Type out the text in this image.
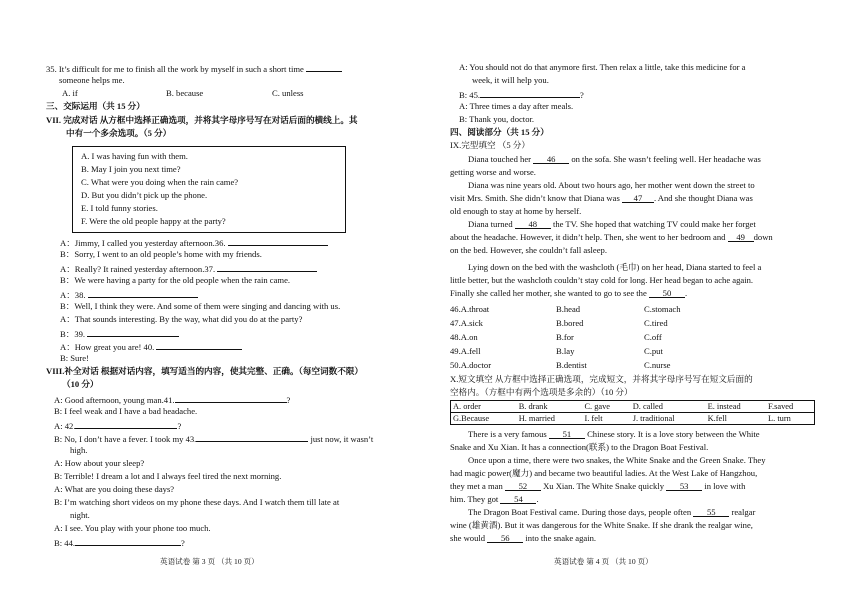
35. It’s difficult for me to finish all the work by myself in such a short time
someone helps me.
A. if	B. because	C. unless
三、交际运用（共 15 分）
VII. 完成对话 从方框中选择正确选项，并将其字母序号写在对话后面的横线上。其
中有一个多余选项。（5 分）
A. I was having fun with them.
B. May I join you next time?
C. What were you doing when the rain came?
D. But you didn’t pick up the phone.
E. I told funny stories.
F. Were the old people happy at the party?
A：Jimmy, I called you yesterday afternoon.36.
B：Sorry, I went to an old people’s home with my friends.
A：Really? It rained yesterday afternoon.37.
B：We were having a party for the old people when the rain came.
A：38.
B：Well, I think they were. And some of them were singing and dancing with us.
A：That sounds interesting. By the way, what did you do at the party?
B：39.
A：How great you are! 40.
B: Sure!
VIII.补全对话 根据对话内容，填写适当的内容，使其完整、正确。（每空词数不限）
（10 分）
A: Good afternoon, young man.41.	?
B: I feel weak and I have a bad headache.
A: 42.	?
B: No, I don’t have a fever. I took my 43.	just now, it wasn’t
high.
A: How about your sleep?
B: Terrible! I dream a lot and I always feel tired the next morning.
A: What are you doing these days?
B: I’m watching short videos on my phone these days. And I watch them till late at
night.
A: I see. You play with your phone too much.
B: 44.	?
英语试卷 第 3 页 （共 10 页）
A: You should not do that anymore first. Then relax a little, take this medicine for a
week, it will help you.
B: 45.	?
A: Three times a day after meals.
B: Thank you, doctor.
四、阅读部分（共 15 分）
IX.完型填空 （5 分）
Diana touched her 46 on the sofa. She wasn’t feeling well. Her headache was
getting worse and worse.
Diana was nine years old. About two hours ago, her mother went down the street to
visit Mrs. Smith. She didn’t know that Diana was 47 . And she thought Diana was
old enough to stay at home by herself.
Diana turned 48 the TV. She hoped that watching TV could make her forget
about the headache. However, it didn’t help. Then, she went to her bedroom and 49 down
on the bed. However, she couldn’t fall asleep.
Lying down on the bed with the washcloth (毛巾) on her head, Diana started to feel a
little better, but the washcloth couldn’t stay cold for long. Her head began to ache again.
Finally she called her mother, she wanted to go to see the 50 .
46.A.throat	B.head	C.stomach
47.A.sick	B.bored	C.tired
48.A.on	B.for	C.off
49.A.fell	B.lay	C.put
50.A.doctor	B.dentist	C.nurse
X.短文填空 从方框中选择正确选项，完成短文，并将其字母序号写在短文后面的
空格内。（方框中有两个选项是多余的）（10 分）
A. order	B. drank	C. gave	D. called	E. instead	F.saved
G.Because	H. married	I. felt	J. traditional	K.fell	L. turn
There is a very famous 51 Chinese story. It is a love story between the White
Snake and Xu Xian. It has a connection(联系) to the Dragon Boat Festival.
Once upon a time, there were two snakes, the White Snake and the Green Snake. They
had magic power(魔力) and became two beautiful ladies. At the West Lake of Hangzhou,
they met a man 52 Xu Xian. The White Snake quickly 53 in love with
him. They got 54 .
The Dragon Boat Festival came. During those days, people often 55 realgar
wine (雄黄酒). But it was dangerous for the White Snake. If she drank the realgar wine,
she would 56 into the snake again.
英语试卷 第 4 页 （共 10 页）
